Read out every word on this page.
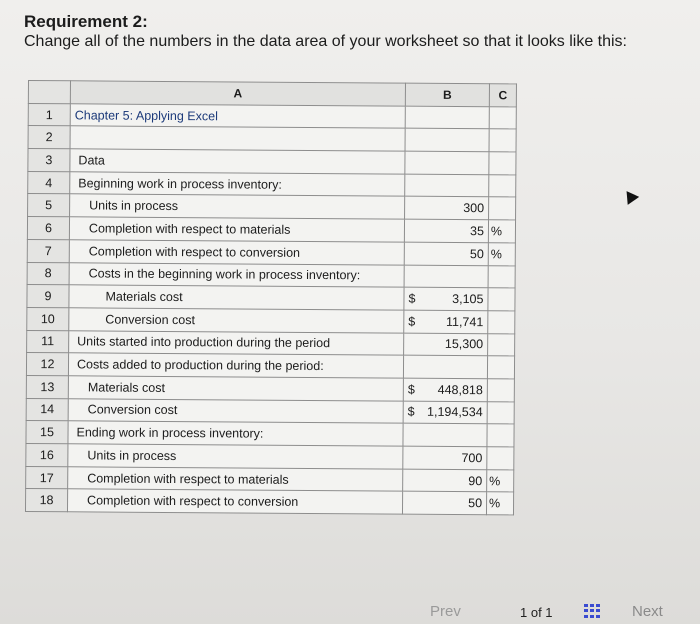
Requirement 2:
Change all of the numbers in the data area of your worksheet so that it looks like this:
	A	B	C
1	Chapter 5: Applying Excel		
2			
3	Data		
4	Beginning work in process inventory:		
5	Units in process	300	
6	Completion with respect to materials	35	%
7	Completion with respect to conversion	50	%
8	Costs in the beginning work in process inventory:		
9	Materials cost	$ 3,105	

10	Conversion cost	$ 11,741	

11	Units started into production during the period	15,300	
12	Costs added to production during the period:		
13	Materials cost	$ 448,818	

14	Conversion cost	$ 1,194,534	

15	Ending work in process inventory:		
16	Units in process	700	
17	Completion with respect to materials	90	%
18	Completion with respect to conversion	50	%
Prev	1 of 1	Next
